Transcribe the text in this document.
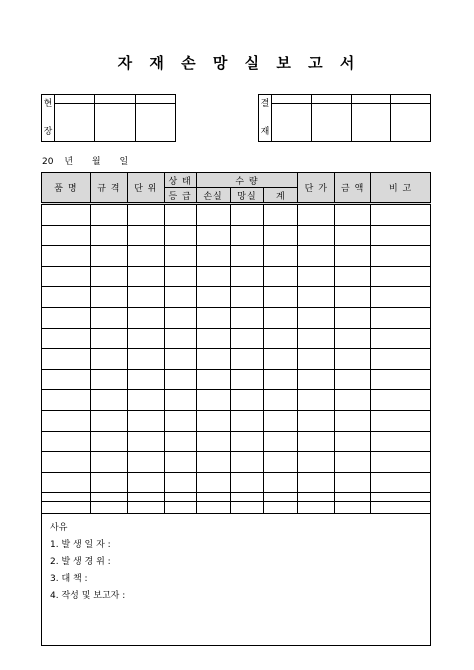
자 재 손 망 실 보 고 서
현
장			

결
재				

20 년 월 일
품 명	규 격	단 위	상 태	수 량			단 가	금 액	비 고
			등 급	손실	망실	계			

사유
1. 발 생 일 자 :
2. 발 생 경 위 :
3. 대 책 :
4. 작성 및 보고자 :
